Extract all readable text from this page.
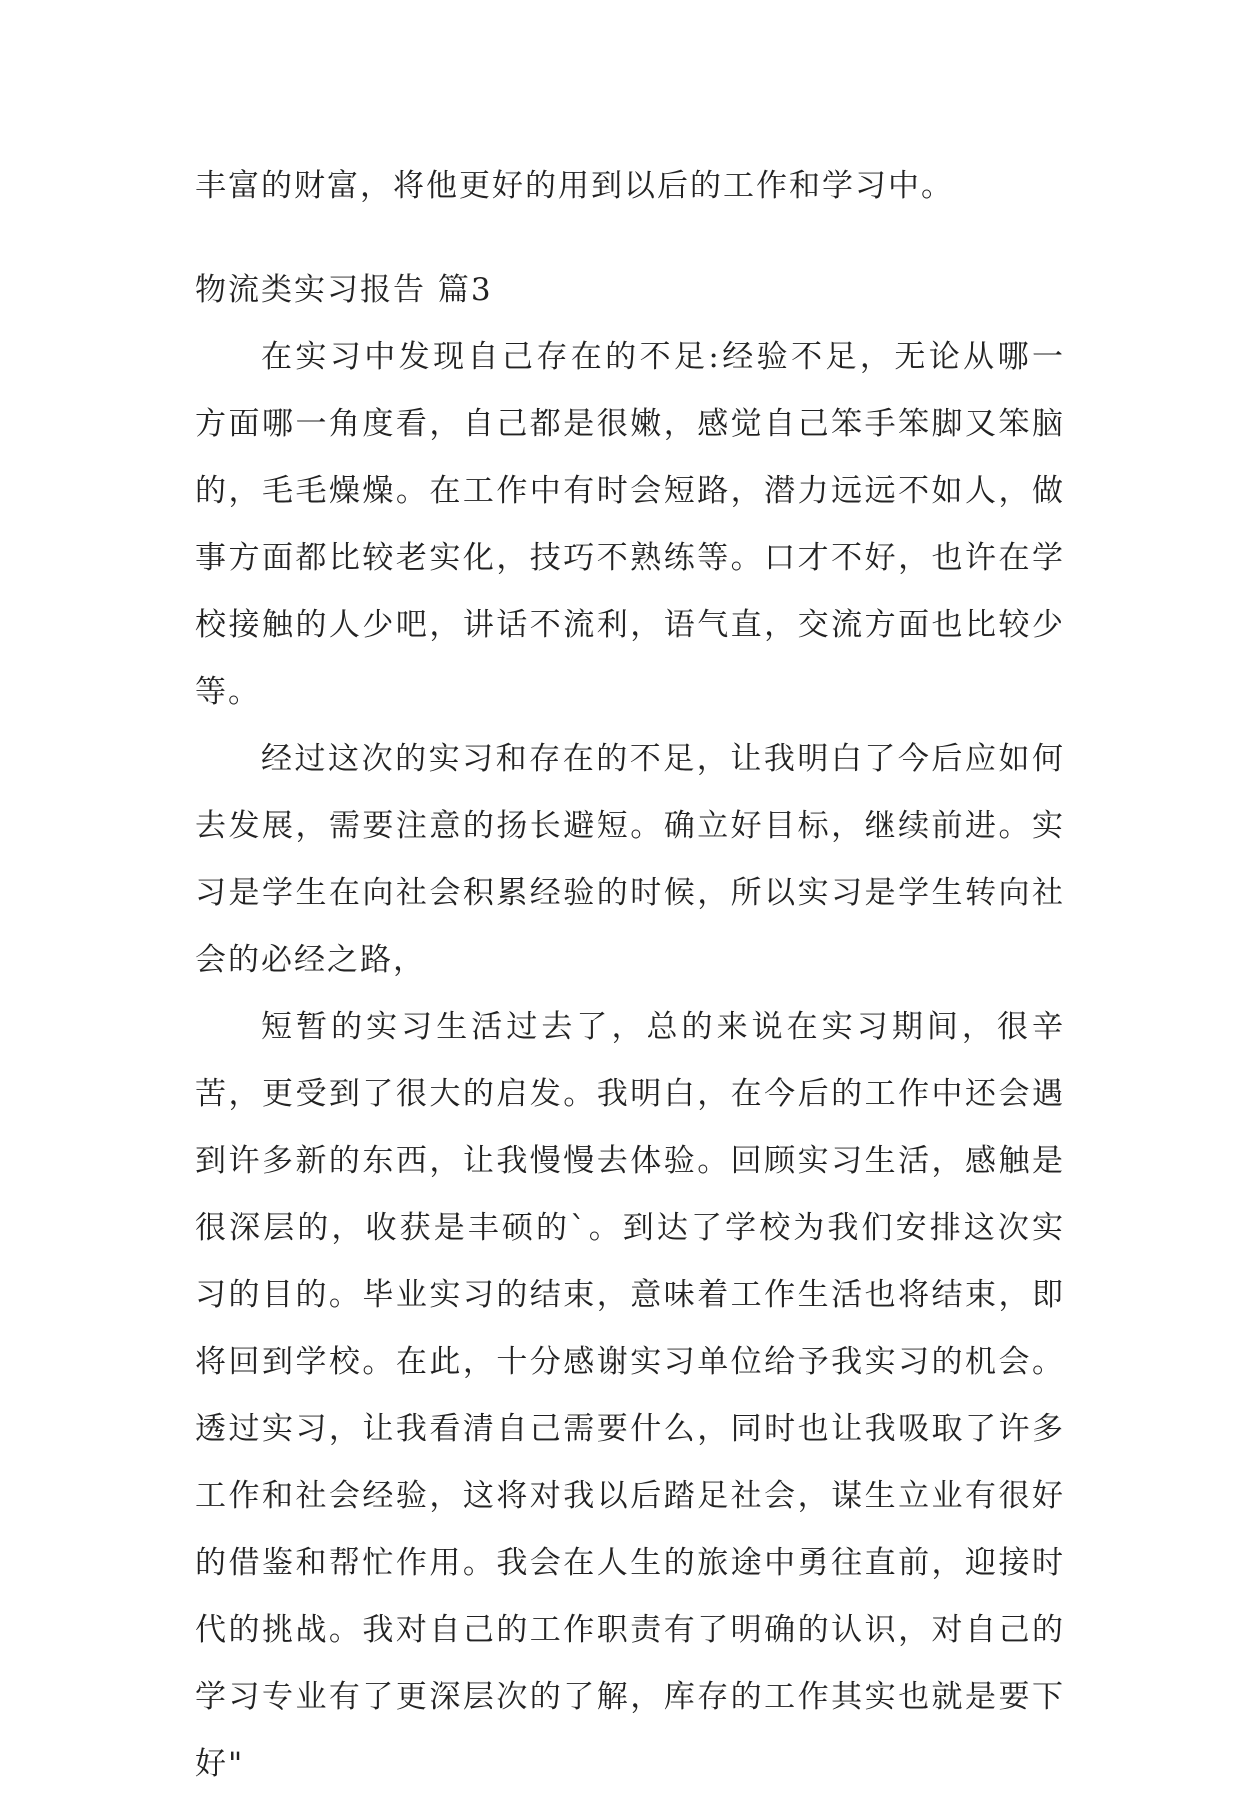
丰富的财富，将他更好的用到以后的工作和学习中。

物流类实习报告 篇3

在实习中发现自己存在的不足:经验不足，无论从哪一方面哪一角度看，自己都是很嫩，感觉自己笨手笨脚又笨脑的，毛毛燥燥。在工作中有时会短路，潜力远远不如人，做事方面都比较老实化，技巧不熟练等。口才不好，也许在学校接触的人少吧，讲话不流利，语气直，交流方面也比较少等。

经过这次的实习和存在的不足，让我明白了今后应如何去发展，需要注意的扬长避短。确立好目标，继续前进。实习是学生在向社会积累经验的时候，所以实习是学生转向社会的必经之路，

短暂的实习生活过去了，总的来说在实习期间，很辛苦，更受到了很大的启发。我明白，在今后的工作中还会遇到许多新的东西，让我慢慢去体验。回顾实习生活，感触是很深层的，收获是丰硕的`。到达了学校为我们安排这次实习的目的。毕业实习的结束，意味着工作生活也将结束，即将回到学校。在此，十分感谢实习单位给予我实习的机会。透过实习，让我看清自己需要什么，同时也让我吸取了许多工作和社会经验，这将对我以后踏足社会，谋生立业有很好的借鉴和帮忙作用。我会在人生的旅途中勇往直前，迎接时代的挑战。我对自己的工作职责有了明确的认识，对自己的学习专业有了更深层次的了解，库存的工作其实也就是要下好"
